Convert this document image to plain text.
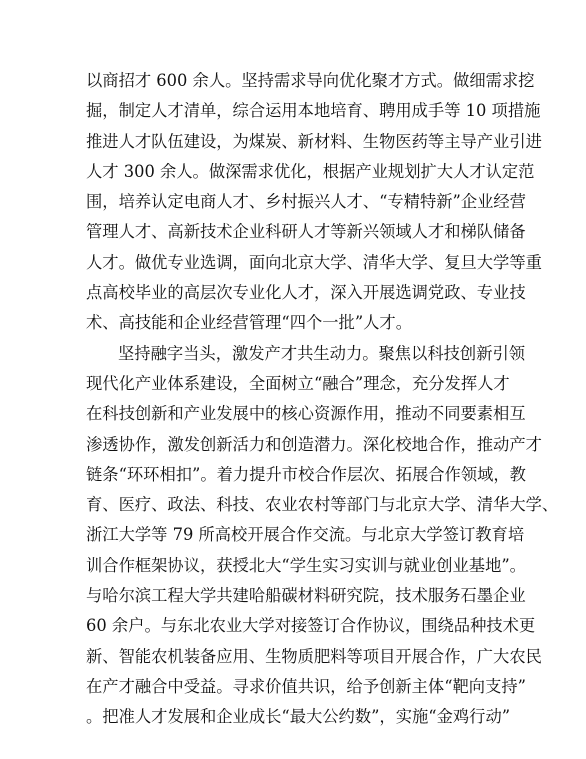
以商招才 600 余人。坚持需求导向优化聚才方式。做细需求挖
掘，制定人才清单，综合运用本地培育、聘用成手等 10 项措施
推进人才队伍建设，为煤炭、新材料、生物医药等主导产业引进
人才 300 余人。做深需求优化，根据产业规划扩大人才认定范
围，培养认定电商人才、乡村振兴人才、“专精特新”企业经营
管理人才、高新技术企业科研人才等新兴领域人才和梯队储备
人才。做优专业选调，面向北京大学、清华大学、复旦大学等重
点高校毕业的高层次专业化人才，深入开展选调党政、专业技
术、高技能和企业经营管理“四个一批”人才。
坚持融字当头，激发产才共生动力。聚焦以科技创新引领
现代化产业体系建设，全面树立“融合”理念，充分发挥人才
在科技创新和产业发展中的核心资源作用，推动不同要素相互
渗透协作，激发创新活力和创造潜力。深化校地合作，推动产才
链条“环环相扣”。着力提升市校合作层次、拓展合作领域，教
育、医疗、政法、科技、农业农村等部门与北京大学、清华大学、
浙江大学等 79 所高校开展合作交流。与北京大学签订教育培
训合作框架协议，获授北大“学生实习实训与就业创业基地”。
与哈尔滨工程大学共建哈船碳材料研究院，技术服务石墨企业
60 余户。与东北农业大学对接签订合作协议，围绕品种技术更
新、智能农机装备应用、生物质肥料等项目开展合作，广大农民
在产才融合中受益。寻求价值共识，给予创新主体“靶向支持”
。把准人才发展和企业成长“最大公约数”，实施“金鸡行动”
